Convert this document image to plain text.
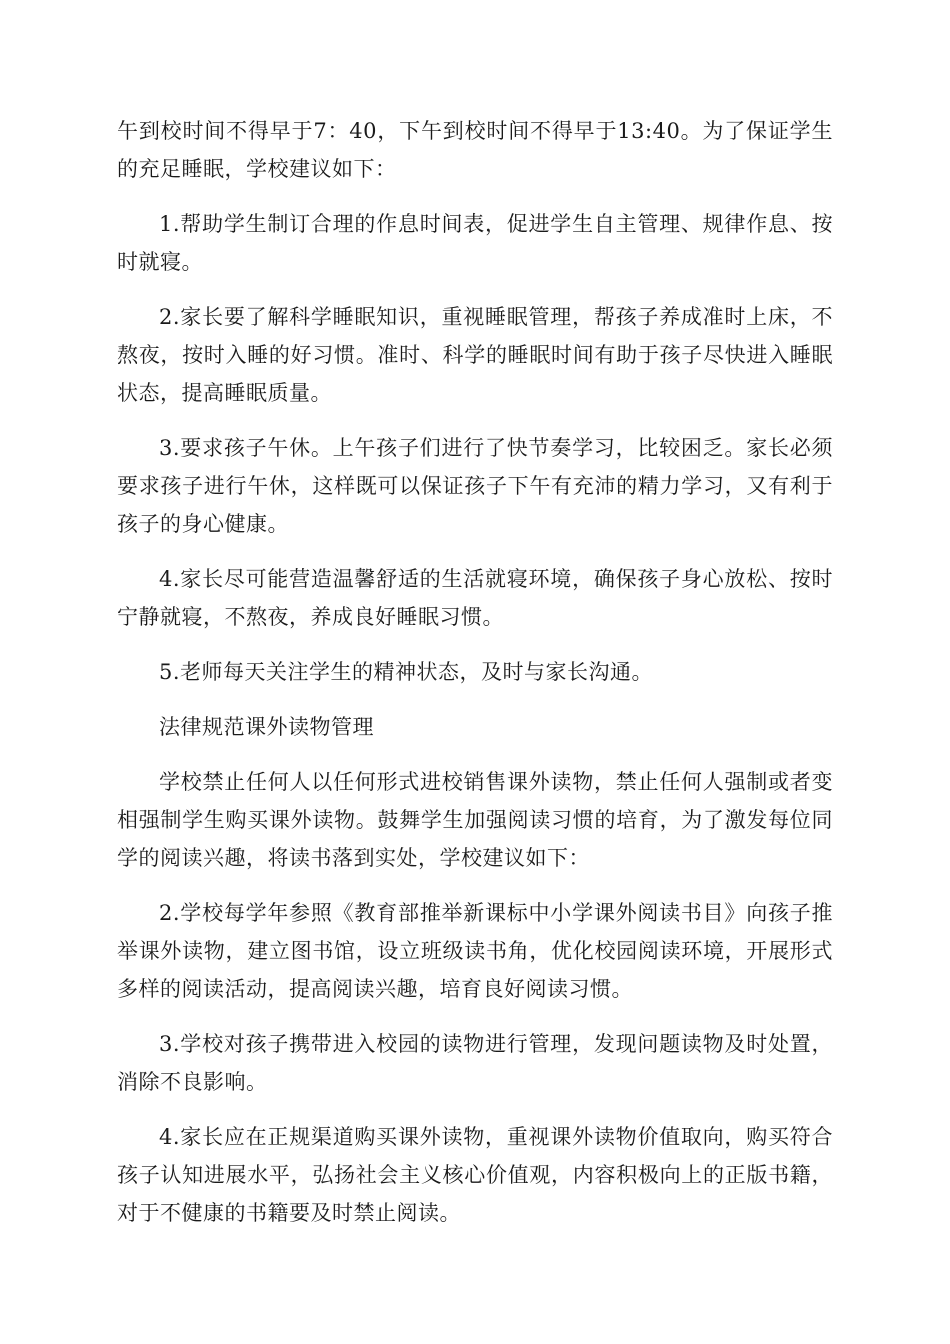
午到校时间不得早于7：40，下午到校时间不得早于13:40。为了保证学生的充足睡眠，学校建议如下：

1.帮助学生制订合理的作息时间表，促进学生自主管理、规律作息、按时就寝。

2.家长要了解科学睡眠知识，重视睡眠管理，帮孩子养成准时上床，不熬夜，按时入睡的好习惯。准时、科学的睡眠时间有助于孩子尽快进入睡眠状态，提高睡眠质量。

3.要求孩子午休。上午孩子们进行了快节奏学习，比较困乏。家长必须要求孩子进行午休，这样既可以保证孩子下午有充沛的精力学习，又有利于孩子的身心健康。

4.家长尽可能营造温馨舒适的生活就寝环境，确保孩子身心放松、按时宁静就寝，不熬夜，养成良好睡眠习惯。

5.老师每天关注学生的精神状态，及时与家长沟通。

法律规范课外读物管理

学校禁止任何人以任何形式进校销售课外读物，禁止任何人强制或者变相强制学生购买课外读物。鼓舞学生加强阅读习惯的培育，为了激发每位同学的阅读兴趣，将读书落到实处，学校建议如下：

2.学校每学年参照《教育部推举新课标中小学课外阅读书目》向孩子推举课外读物，建立图书馆，设立班级读书角，优化校园阅读环境，开展形式多样的阅读活动，提高阅读兴趣，培育良好阅读习惯。

3.学校对孩子携带进入校园的读物进行管理，发现问题读物及时处置，消除不良影响。

4.家长应在正规渠道购买课外读物，重视课外读物价值取向，购买符合孩子认知进展水平，弘扬社会主义核心价值观，内容积极向上的正版书籍，对于不健康的书籍要及时禁止阅读。
